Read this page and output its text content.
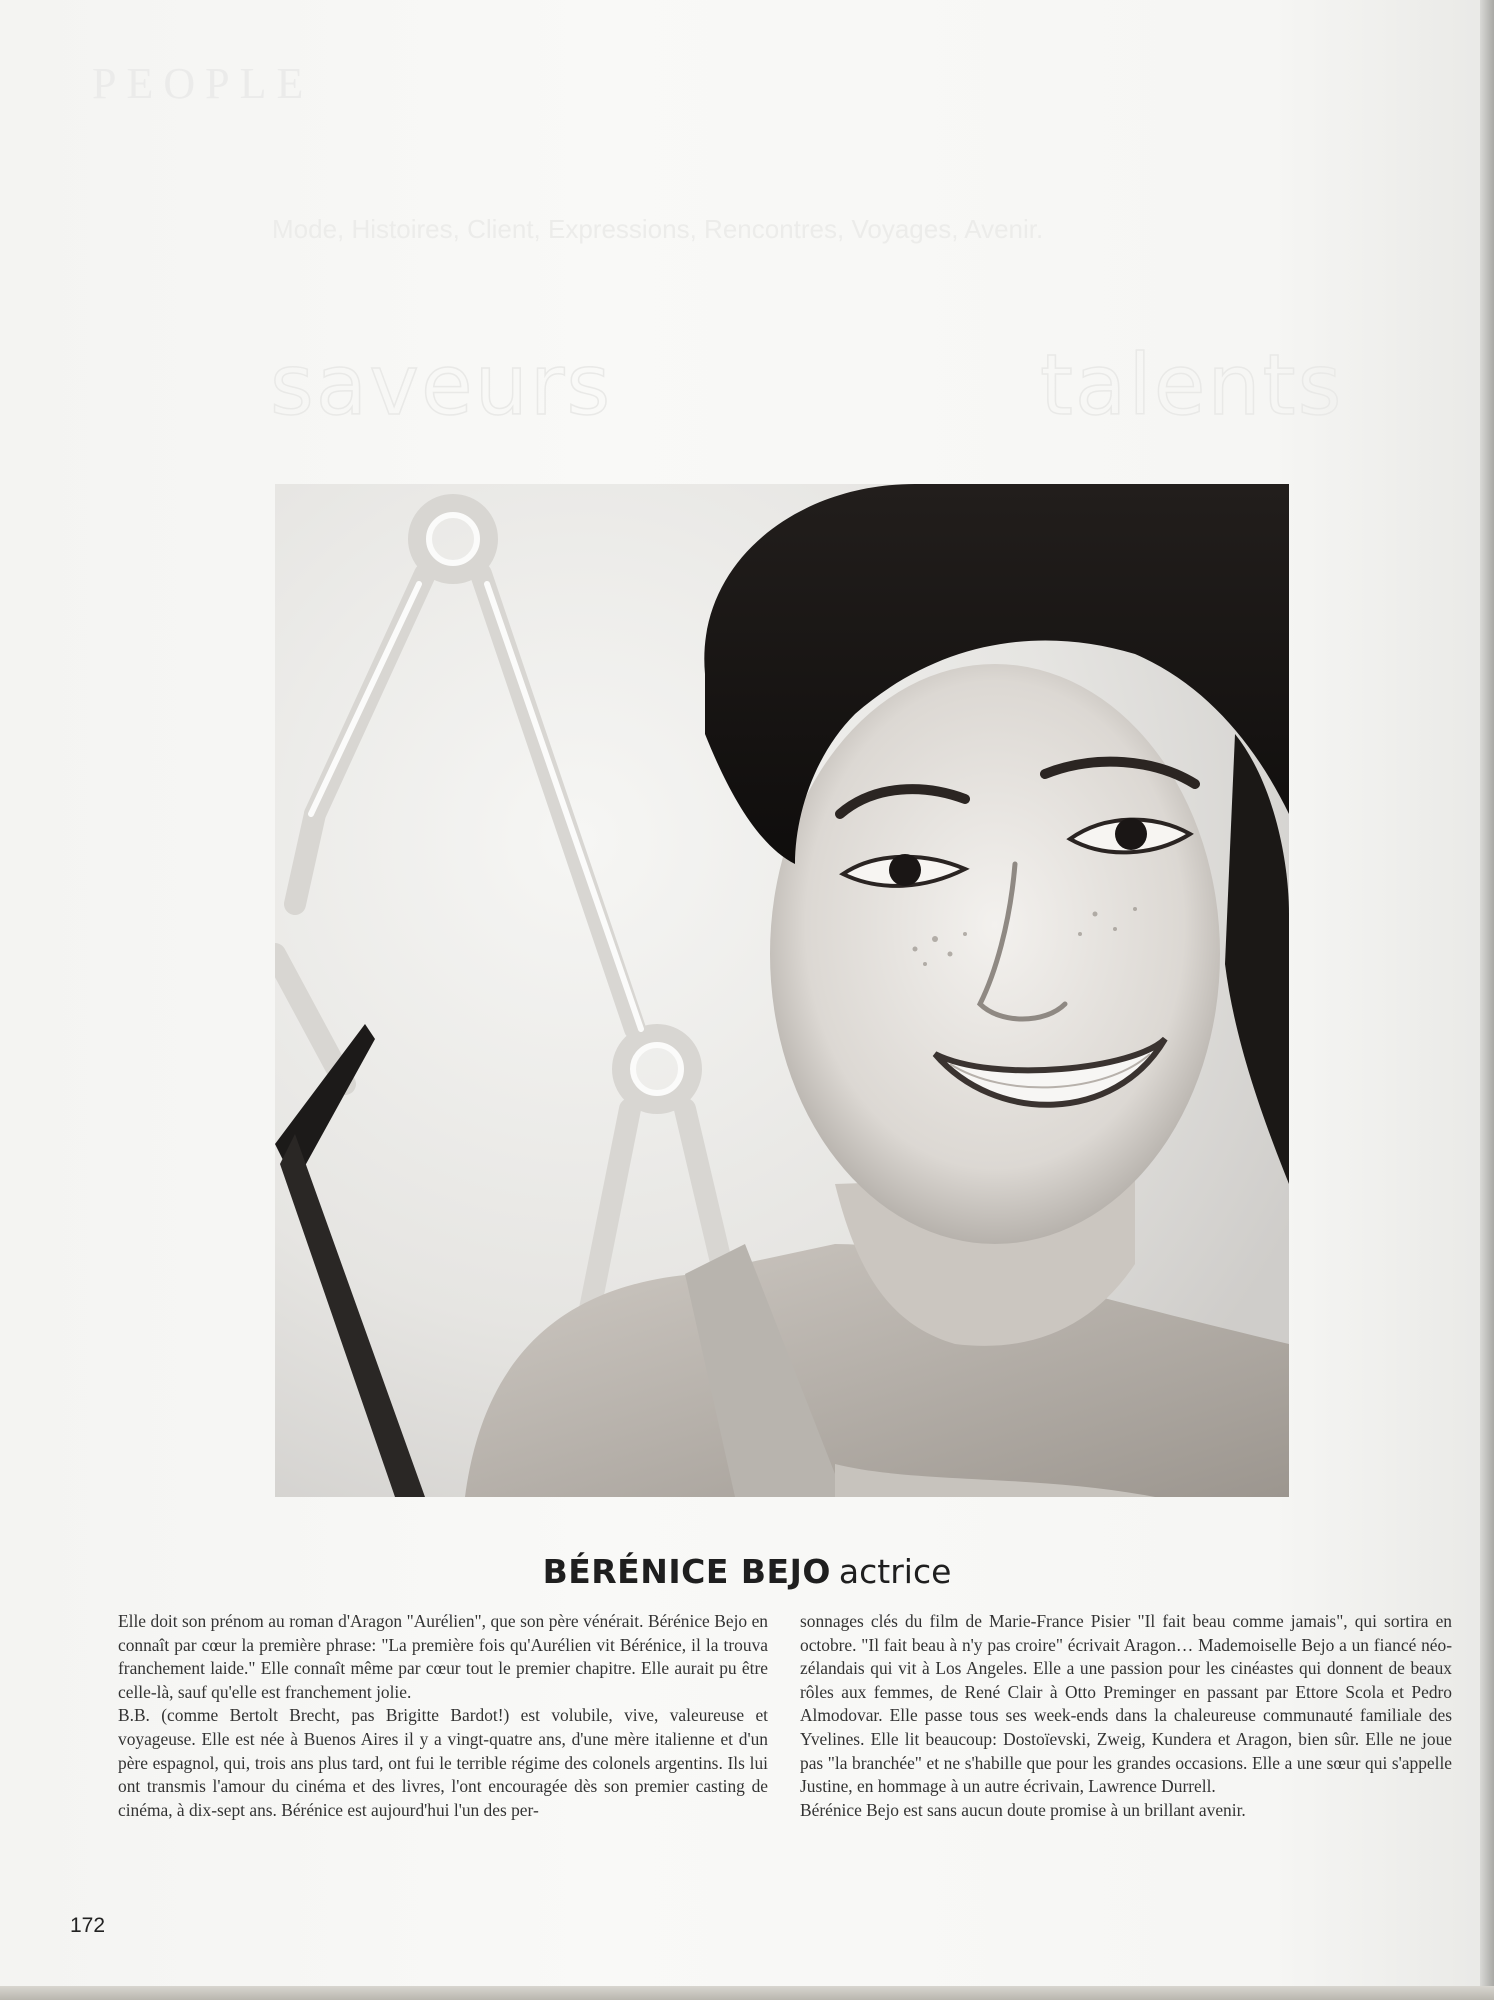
PEOPLE
Mode, Histoires, Client, Expressions, Rencontres, Voyages, Avenir.
saveurs	talents
BÉRÉNICE BEJO actrice

Elle doit son prénom au roman d'Aragon "Aurélien", que son père vénérait. Bérénice Bejo en connaît par cœur la première phrase: "La première fois qu'Aurélien vit Bérénice, il la trouva franchement laide." Elle connaît même par cœur tout le premier chapitre. Elle aurait pu être celle-là, sauf qu'elle est franchement jolie.

B.B. (comme Bertolt Brecht, pas Brigitte Bardot!) est volubile, vive, valeureuse et voyageuse. Elle est née à Buenos Aires il y a vingt-quatre ans, d'une mère italienne et d'un père espagnol, qui, trois ans plus tard, ont fui le terrible régime des colonels argentins. Ils lui ont transmis l'amour du cinéma et des livres, l'ont encouragée dès son premier casting de cinéma, à dix-sept ans. Bérénice est aujourd'hui l'un des per-

sonnages clés du film de Marie-France Pisier "Il fait beau comme jamais", qui sortira en octobre. "Il fait beau à n'y pas croire" écrivait Aragon… Mademoiselle Bejo a un fiancé néo-zélandais qui vit à Los Angeles. Elle a une passion pour les cinéastes qui donnent de beaux rôles aux femmes, de René Clair à Otto Preminger en passant par Ettore Scola et Pedro Almodovar. Elle passe tous ses week-ends dans la chaleureuse communauté familiale des Yvelines. Elle lit beaucoup: Dostoïevski, Zweig, Kundera et Aragon, bien sûr. Elle ne joue pas "la branchée" et ne s'habille que pour les grandes occasions. Elle a une sœur qui s'appelle Justine, en hommage à un autre écrivain, Lawrence Durrell.

Bérénice Bejo est sans aucun doute promise à un brillant avenir.

172
